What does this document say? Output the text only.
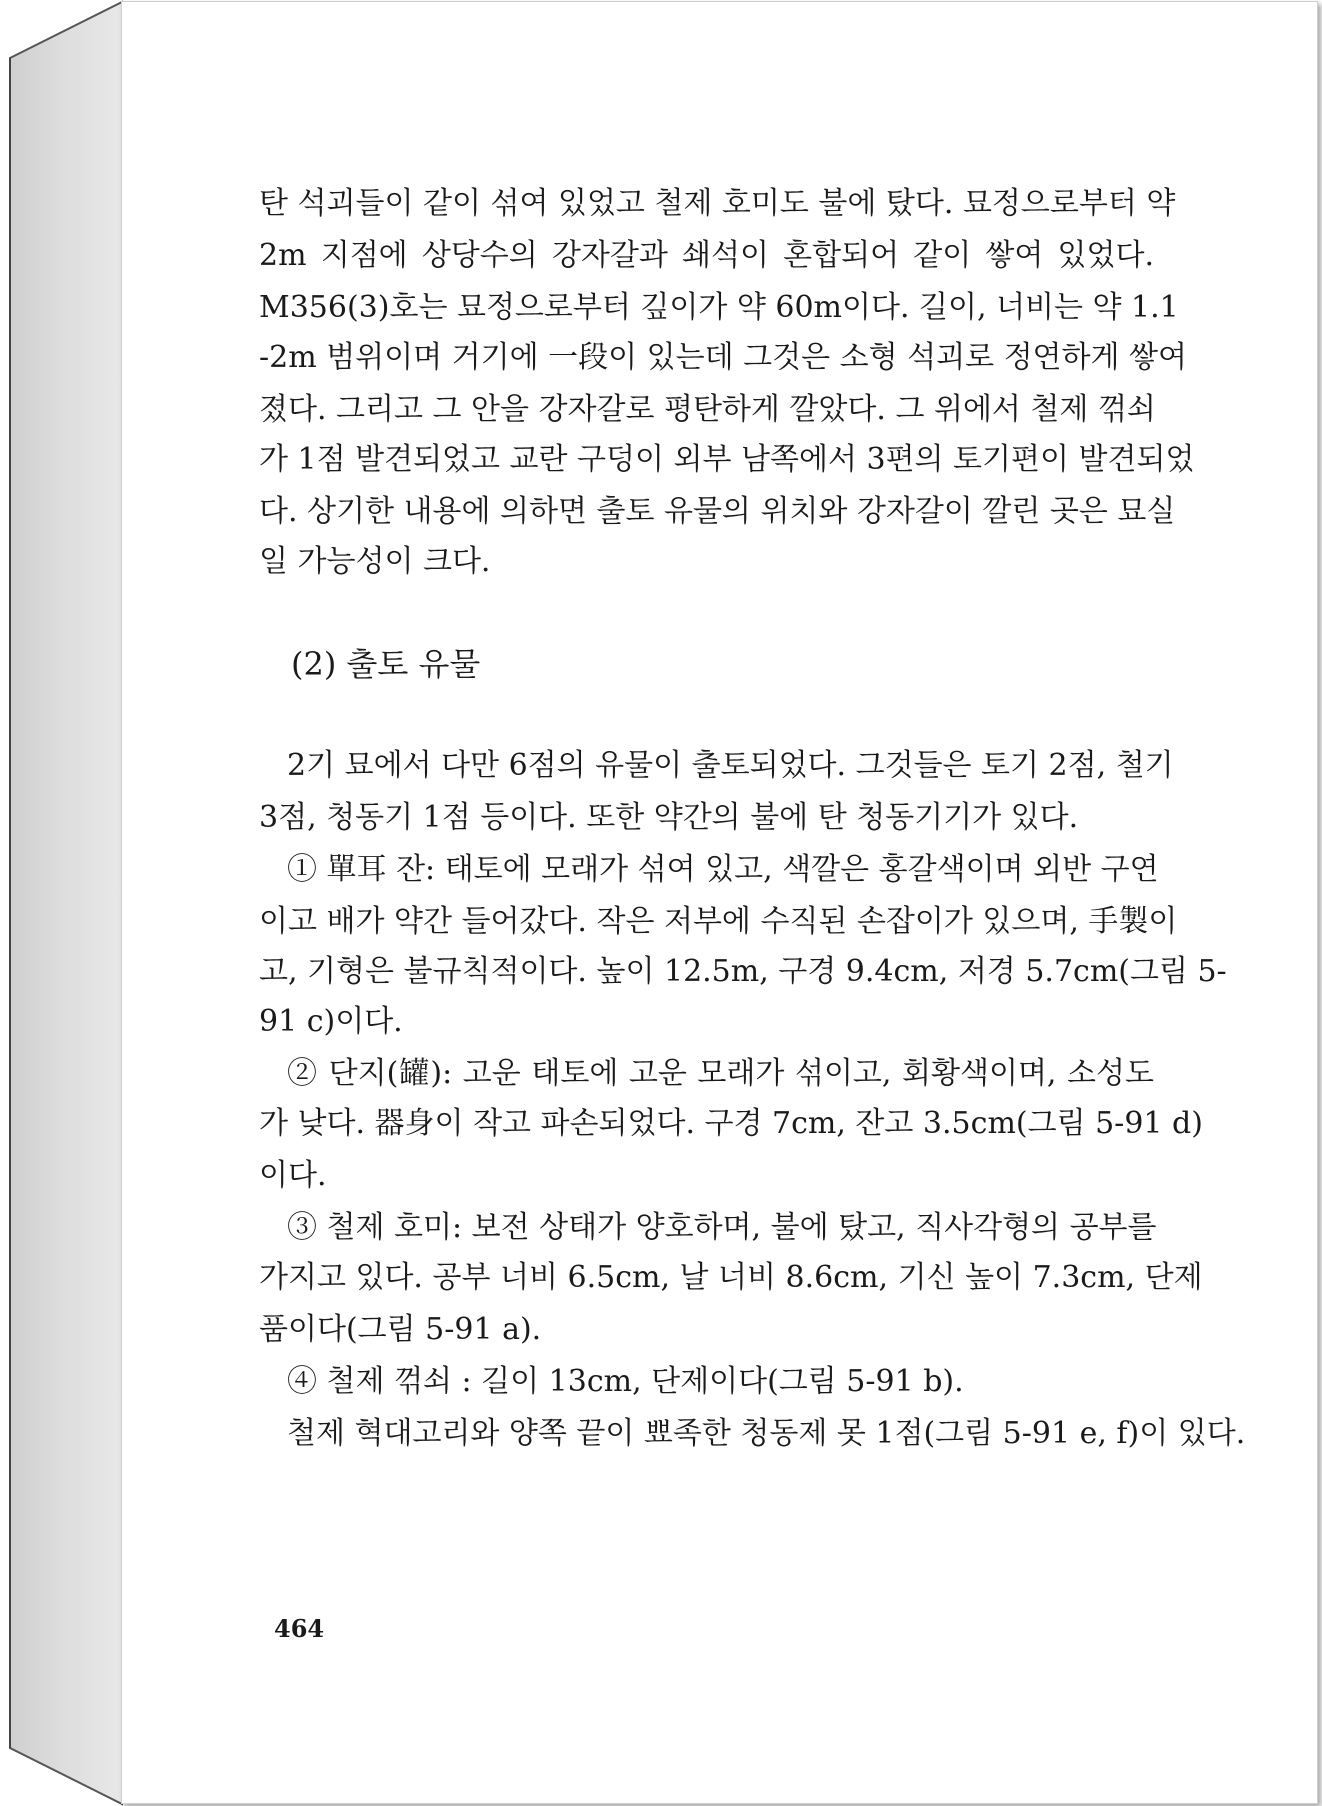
탄 석괴들이 같이 섞여 있었고 철제 호미도 불에 탔다. 묘정으로부터 약
2m 지점에 상당수의 강자갈과 쇄석이 혼합되어 같이 쌓여 있었다.
M356(3)호는 묘정으로부터 깊이가 약 60m이다. 길이, 너비는 약 1.1
-2m 범위이며 거기에 一段이 있는데 그것은 소형 석괴로 정연하게 쌓여
졌다. 그리고 그 안을 강자갈로 평탄하게 깔았다. 그 위에서 철제 꺾쇠
가 1점 발견되었고 교란 구덩이 외부 남쪽에서 3편의 토기편이 발견되었
다. 상기한 내용에 의하면 출토 유물의 위치와 강자갈이 깔린 곳은 묘실
일 가능성이 크다.
(2) 출토 유물
2기 묘에서 다만 6점의 유물이 출토되었다. 그것들은 토기 2점, 철기
3점, 청동기 1점 등이다. 또한 약간의 불에 탄 청동기기가 있다.
① 單耳 잔: 태토에 모래가 섞여 있고, 색깔은 홍갈색이며 외반 구연
이고 배가 약간 들어갔다. 작은 저부에 수직된 손잡이가 있으며, 手製이
고, 기형은 불규칙적이다. 높이 12.5m, 구경 9.4cm, 저경 5.7cm(그림 5-
91 c)이다.
② 단지(罐): 고운 태토에 고운 모래가 섞이고, 회황색이며, 소성도
가 낮다. 器身이 작고 파손되었다. 구경 7cm, 잔고 3.5cm(그림 5-91 d)
이다.
③ 철제 호미: 보전 상태가 양호하며, 불에 탔고, 직사각형의 공부를
가지고 있다. 공부 너비 6.5cm, 날 너비 8.6cm, 기신 높이 7.3cm, 단제
품이다(그림 5-91 a).
④ 철제 꺾쇠 : 길이 13cm, 단제이다(그림 5-91 b).
철제 혁대고리와 양쪽 끝이 뾰족한 청동제 못 1점(그림 5-91 e, f)이 있다.
464
